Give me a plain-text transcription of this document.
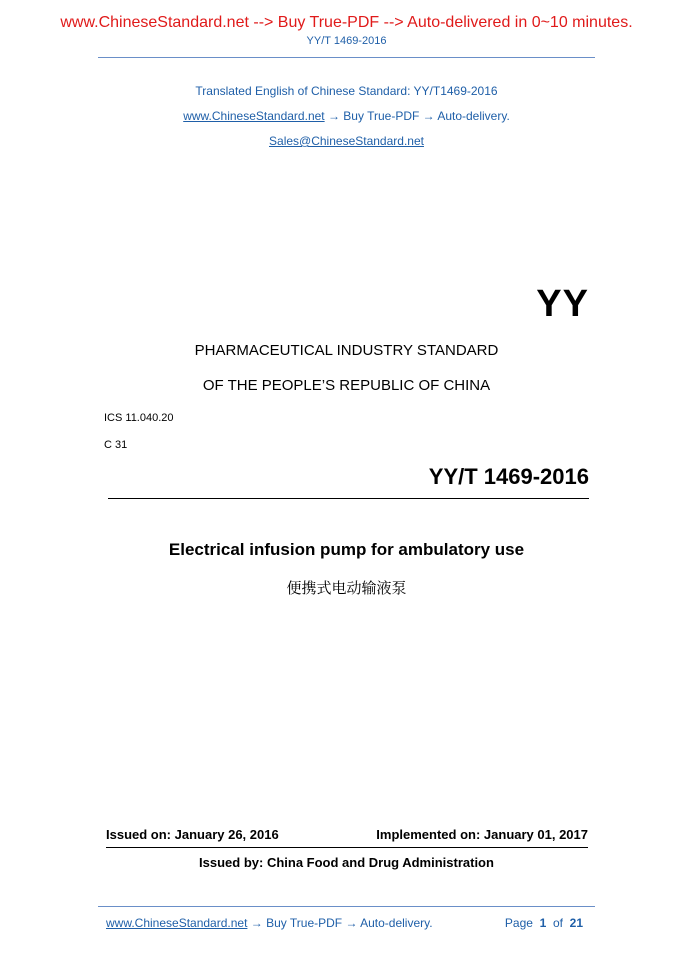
www.ChineseStandard.net --> Buy True-PDF --> Auto-delivered in 0~10 minutes.
YY/T 1469-2016
Translated English of Chinese Standard: YY/T1469-2016
www.ChineseStandard.net → Buy True-PDF → Auto-delivery.
Sales@ChineseStandard.net
YY
PHARMACEUTICAL INDUSTRY STANDARD
OF THE PEOPLE’S REPUBLIC OF CHINA
ICS 11.040.20
C 31
YY/T 1469-2016
Electrical infusion pump for ambulatory use
便携式电动输液泵
Issued on: January 26, 2016	Implemented on: January 01, 2017
Issued by: China Food and Drug Administration
www.ChineseStandard.net → Buy True-PDF → Auto-delivery.	Page 1 of 21
